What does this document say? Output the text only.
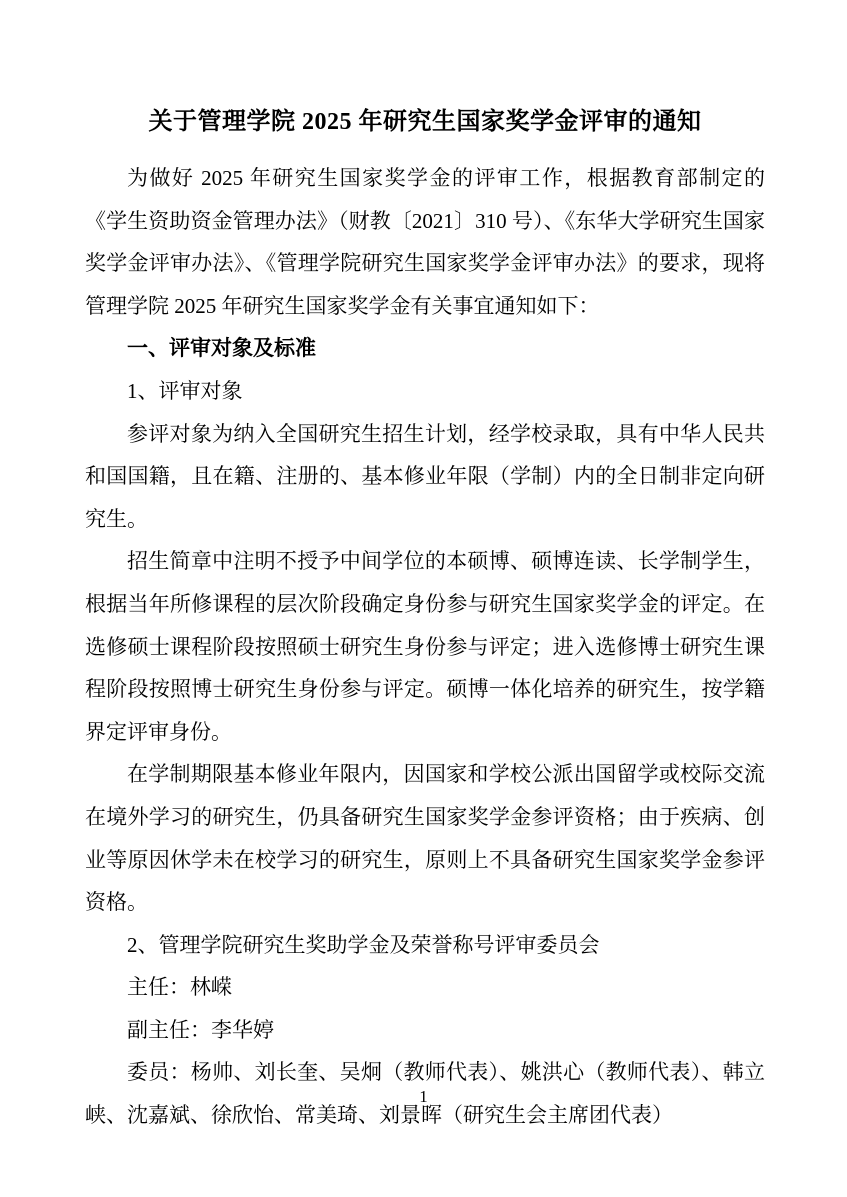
关于管理学院 2025 年研究生国家奖学金评审的通知

为做好 2025 年研究生国家奖学金的评审工作，根据教育部制定的《学生资助资金管理办法》（财教〔2021〕310 号）、《东华大学研究生国家奖学金评审办法》、《管理学院研究生国家奖学金评审办法》的要求，现将管理学院 2025 年研究生国家奖学金有关事宜通知如下：

一、评审对象及标准

1、评审对象

参评对象为纳入全国研究生招生计划，经学校录取，具有中华人民共和国国籍，且在籍、注册的、基本修业年限（学制）内的全日制非定向研究生。

招生简章中注明不授予中间学位的本硕博、硕博连读、长学制学生，根据当年所修课程的层次阶段确定身份参与研究生国家奖学金的评定。在选修硕士课程阶段按照硕士研究生身份参与评定；进入选修博士研究生课程阶段按照博士研究生身份参与评定。硕博一体化培养的研究生，按学籍界定评审身份。

在学制期限基本修业年限内，因国家和学校公派出国留学或校际交流在境外学习的研究生，仍具备研究生国家奖学金参评资格；由于疾病、创业等原因休学未在校学习的研究生，原则上不具备研究生国家奖学金参评资格。

2、管理学院研究生奖助学金及荣誉称号评审委员会

主任：林嵘

副主任：李华婷

委员：杨帅、刘长奎、吴炯（教师代表）、姚洪心（教师代表）、韩立峡、沈嘉斌、徐欣怡、常美琦、刘景晖（研究生会主席团代表）

1
